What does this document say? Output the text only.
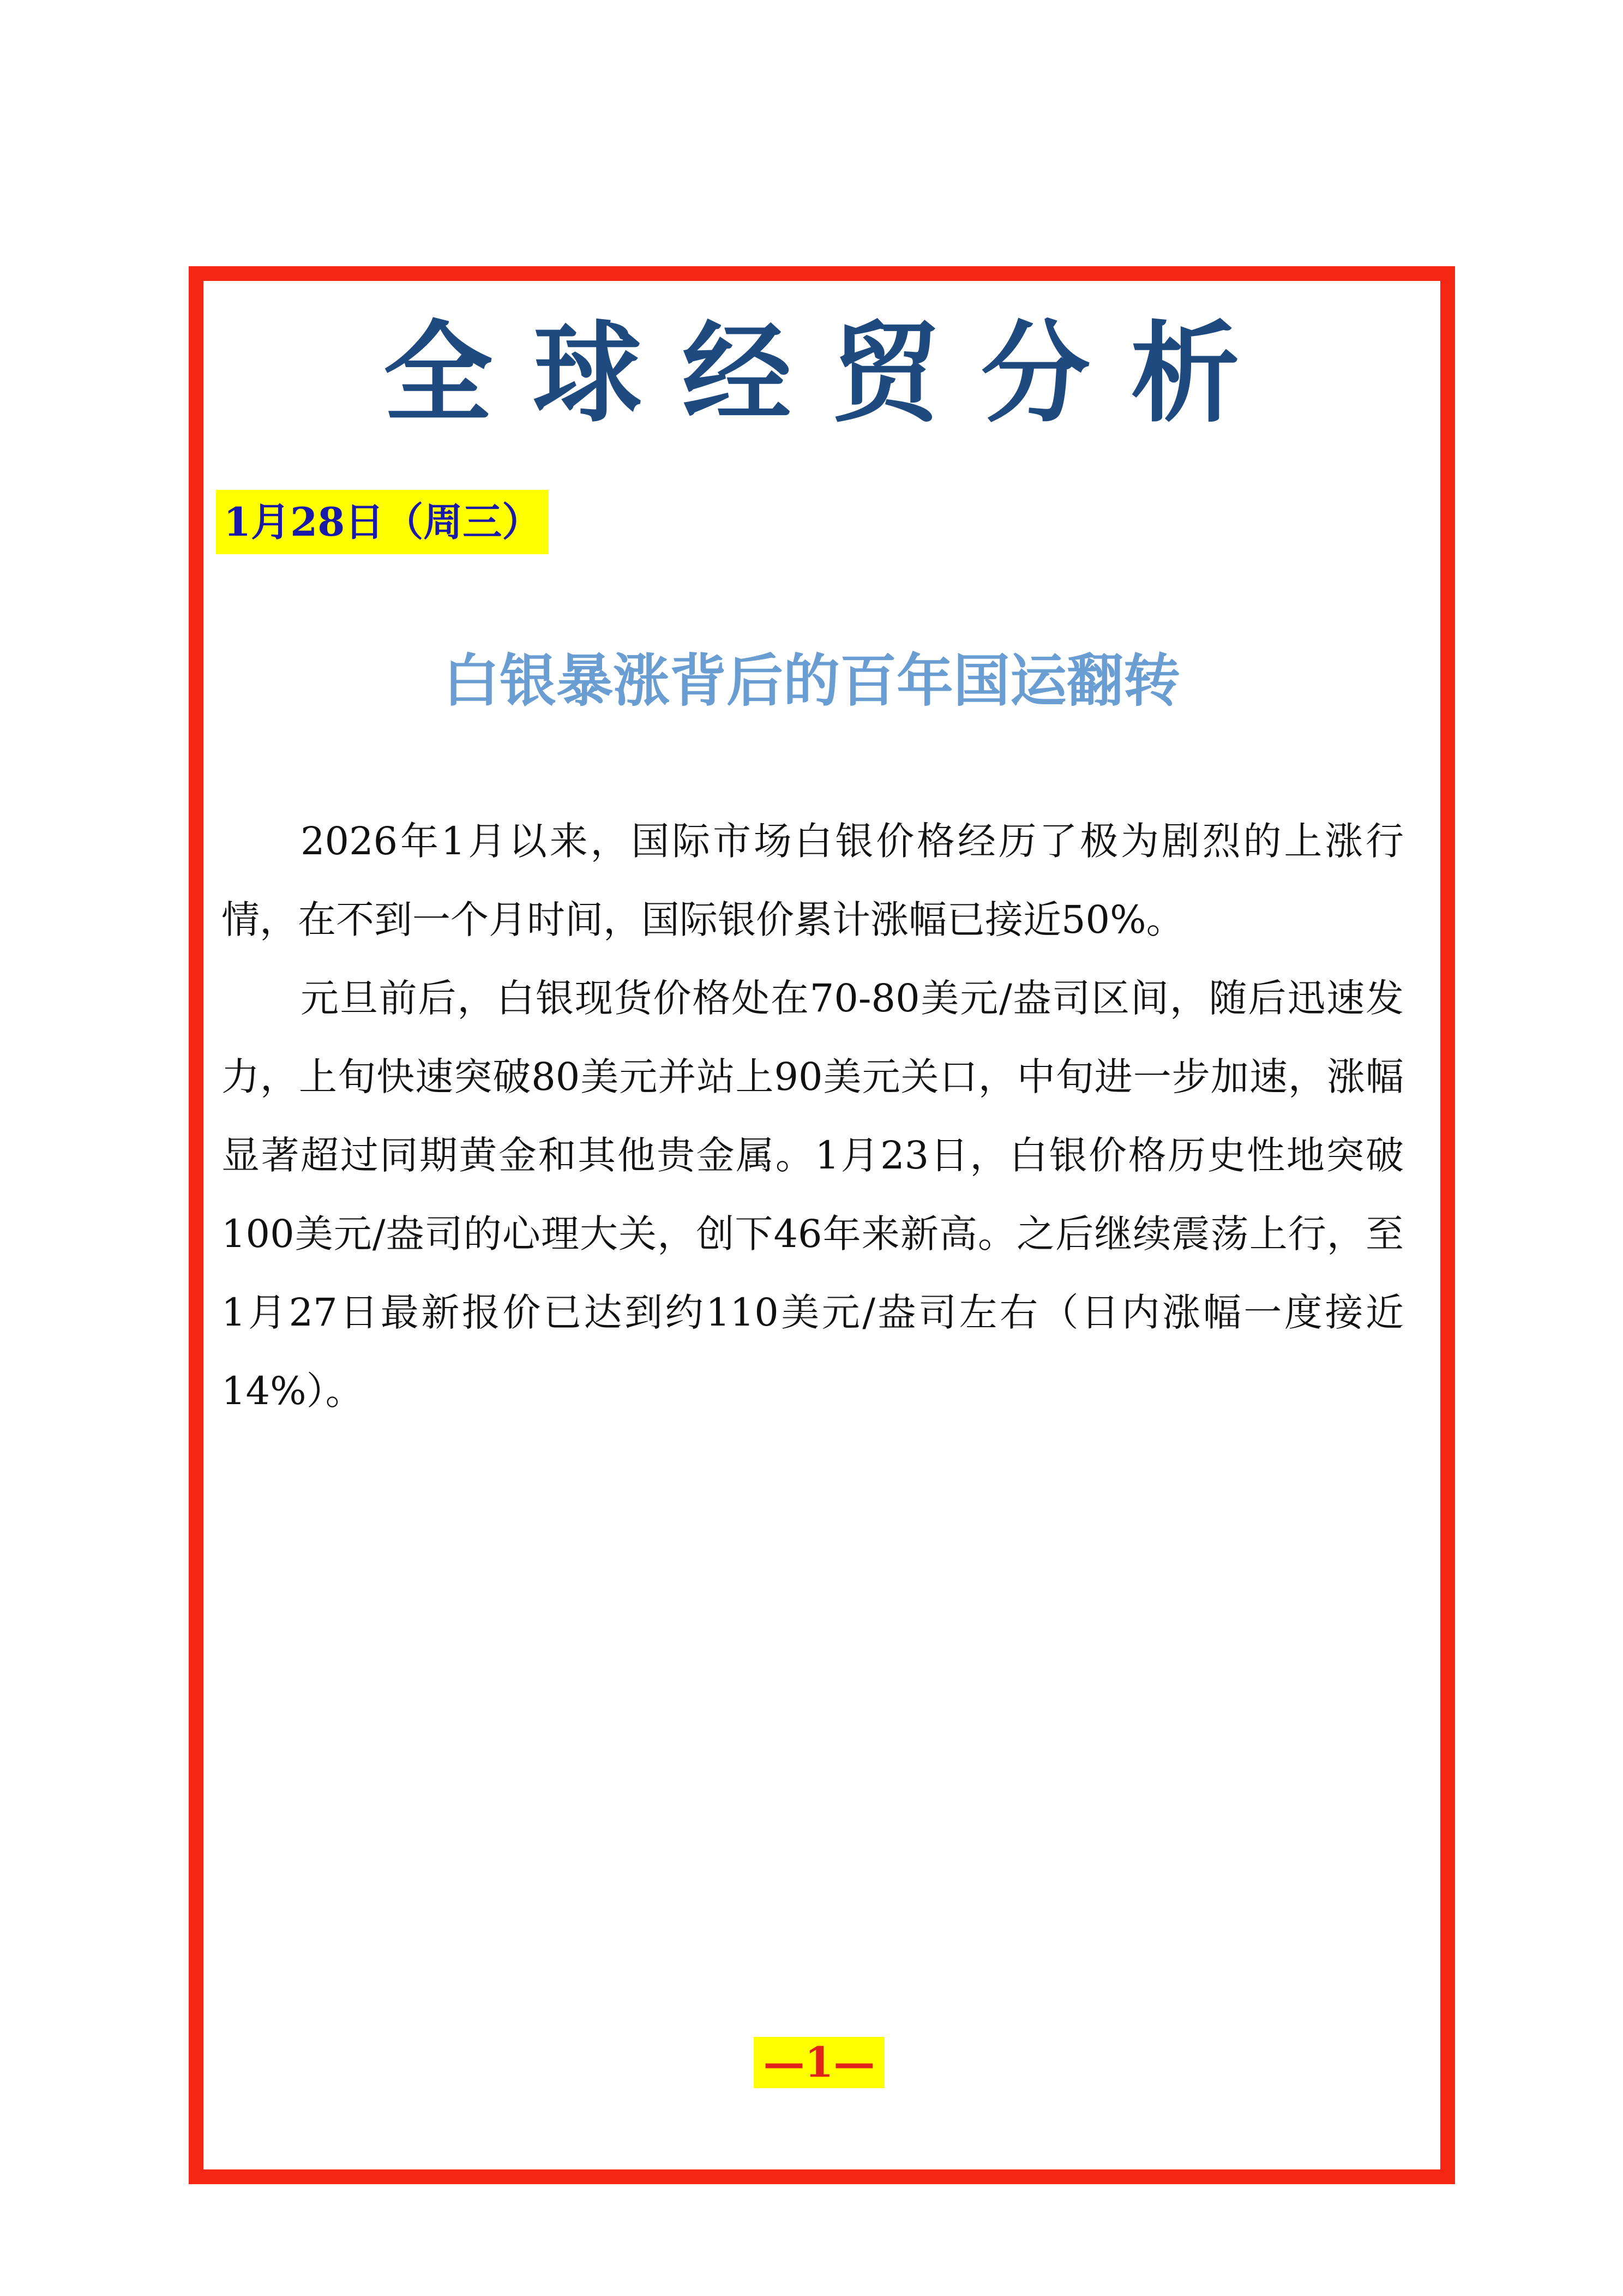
全球经贸分析
1月28日（周三）
白银暴涨背后的百年国运翻转

2026年1月以来，国际市场白银价格经历了极为剧烈的上涨行情，在不到一个月时间，国际银价累计涨幅已接近50%。

元旦前后，白银现货价格处在70-80美元/盎司区间，随后迅速发力，上旬快速突破80美元并站上90美元关口，中旬进一步加速，涨幅显著超过同期黄金和其他贵金属。1月23日，白银价格历史性地突破100美元/盎司的心理大关，创下46年来新高。之后继续震荡上行，至1月27日最新报价已达到约110美元/盎司左右（日内涨幅一度接近14%）。

—1—
